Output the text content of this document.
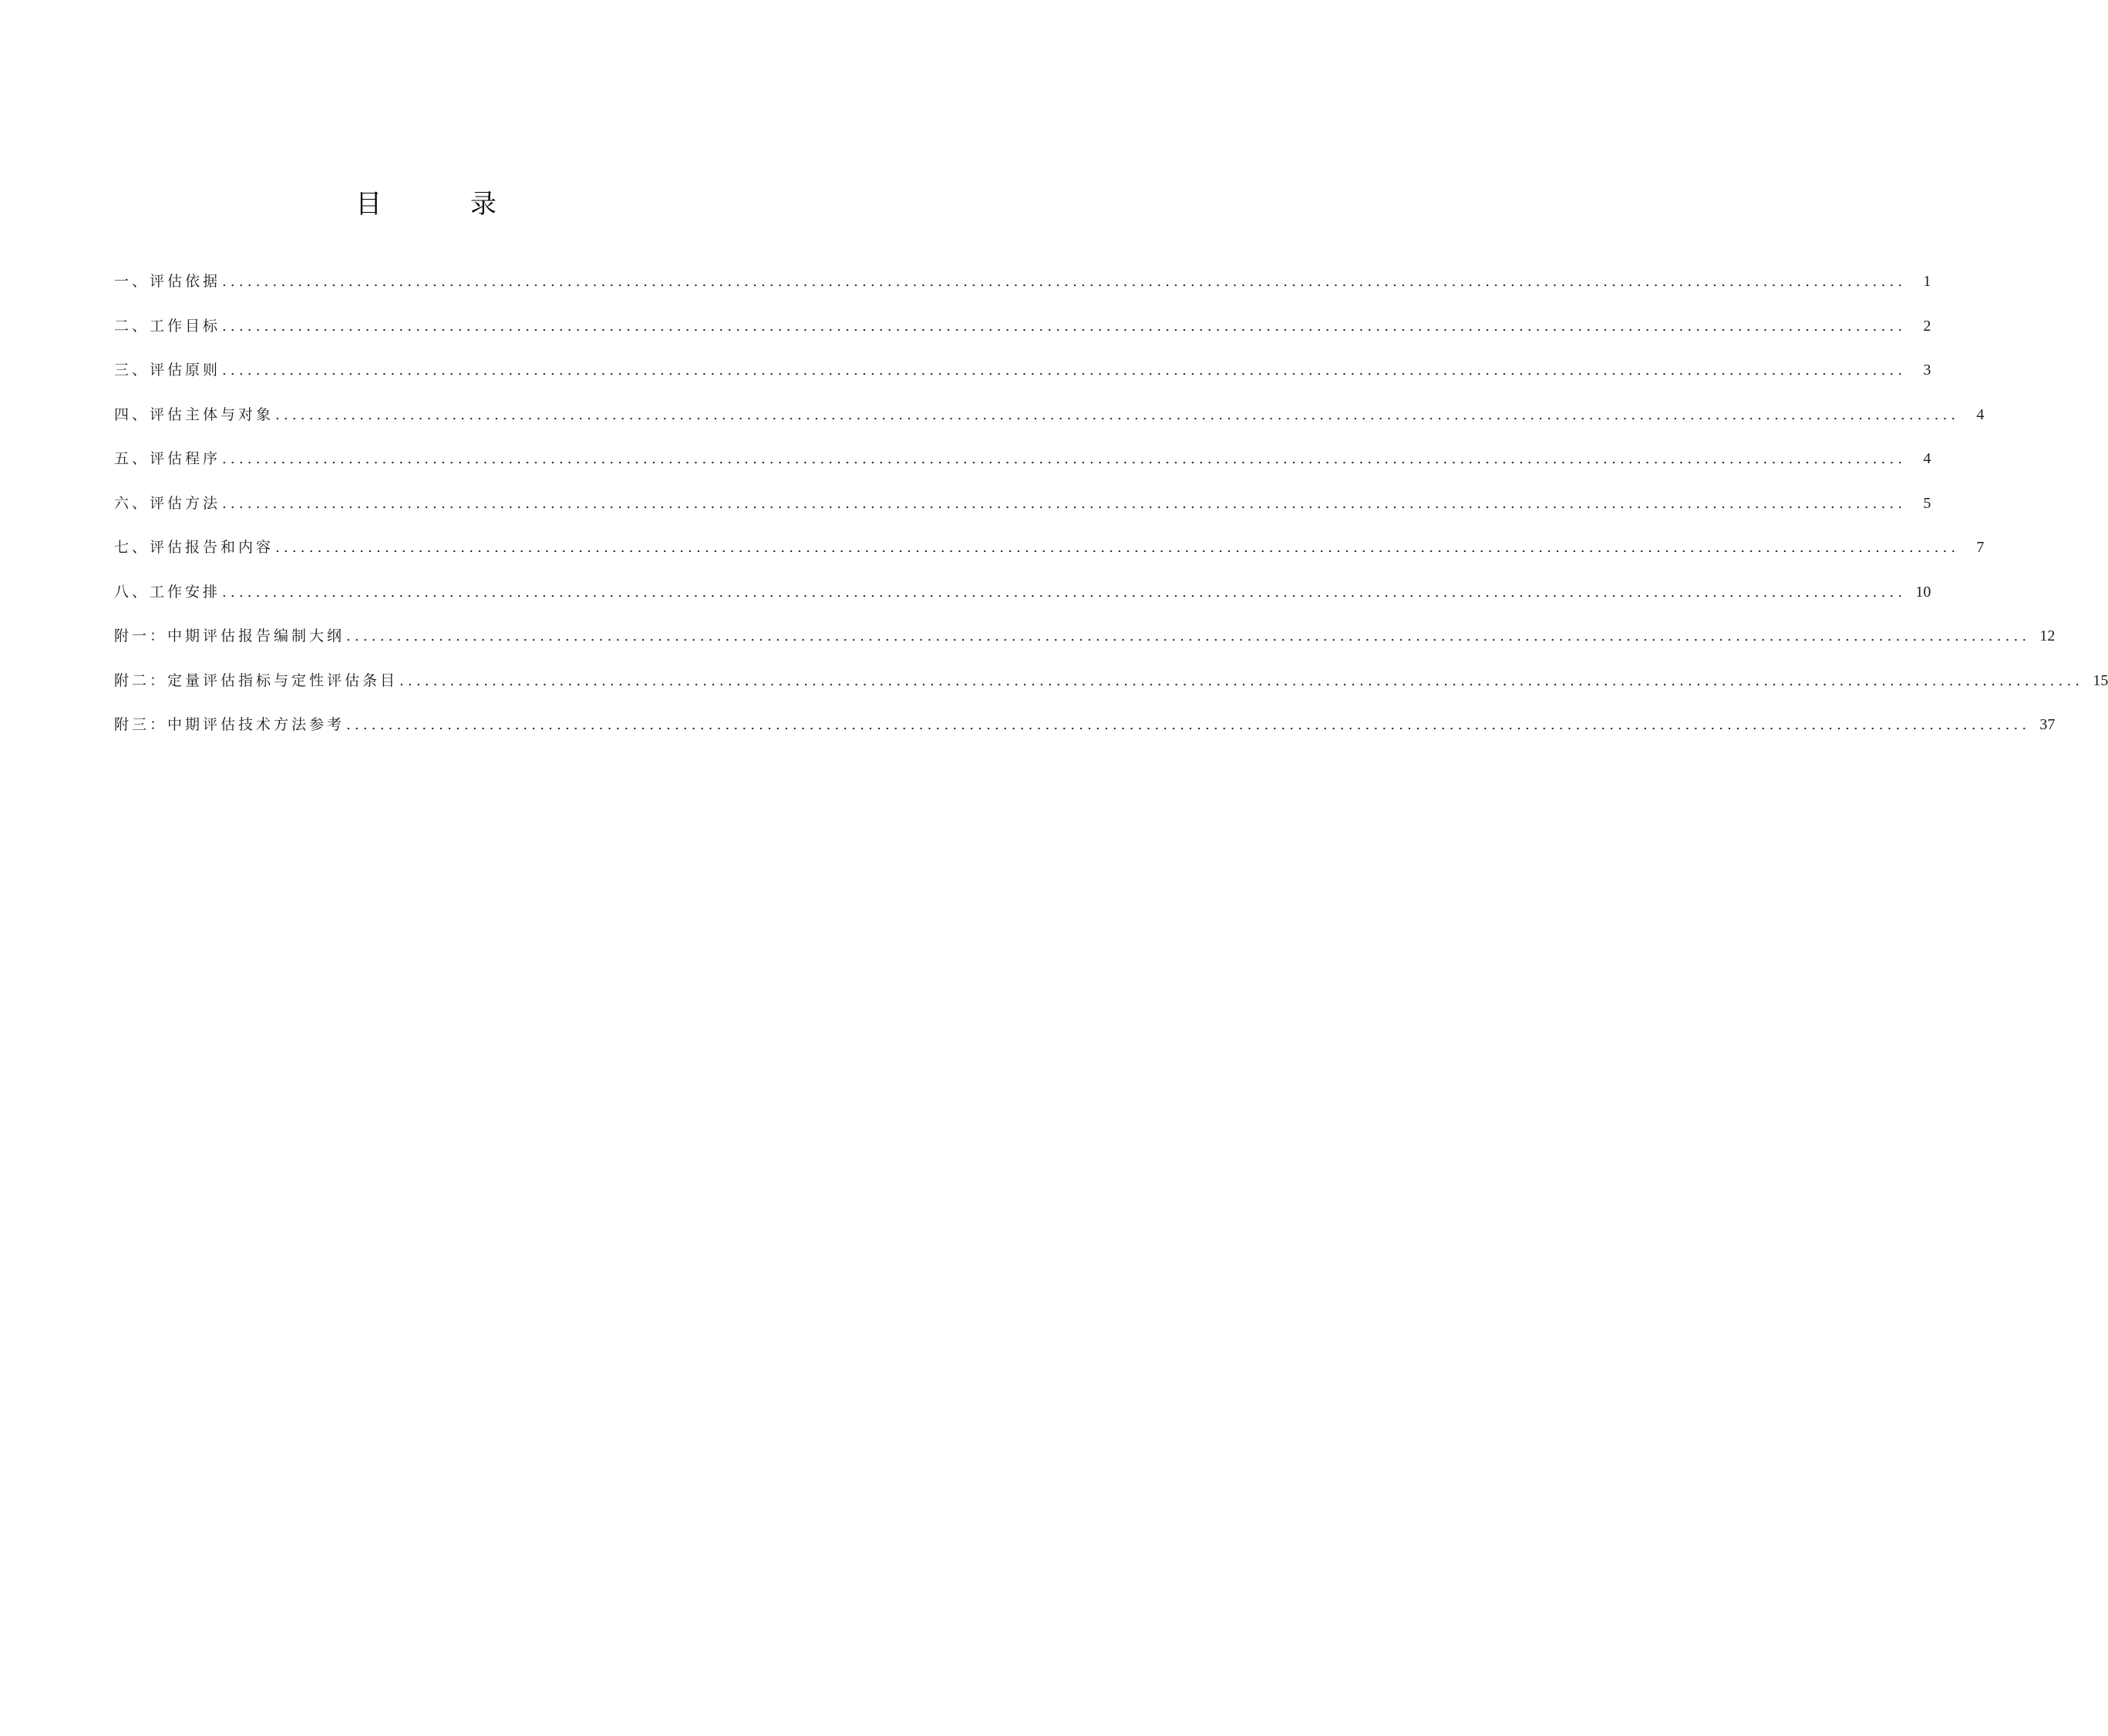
目 录
一、评估依据 ........................................................................................................................................................................................................	1
二、工作目标 ........................................................................................................................................................................................................	2
三、评估原则 ........................................................................................................................................................................................................	3
四、评估主体与对象 ........................................................................................................................................................................................................	4
五、评估程序 ........................................................................................................................................................................................................	4
六、评估方法 ........................................................................................................................................................................................................	5
七、评估报告和内容 ........................................................................................................................................................................................................	7
八、工作安排 ........................................................................................................................................................................................................ 10
附一：中期评估报告编制大纲 ........................................................................................................................................................................................................ 12
附二：定量评估指标与定性评估条目 ........................................................................................................................................................................................................ 15
附三：中期评估技术方法参考 ........................................................................................................................................................................................................ 37
